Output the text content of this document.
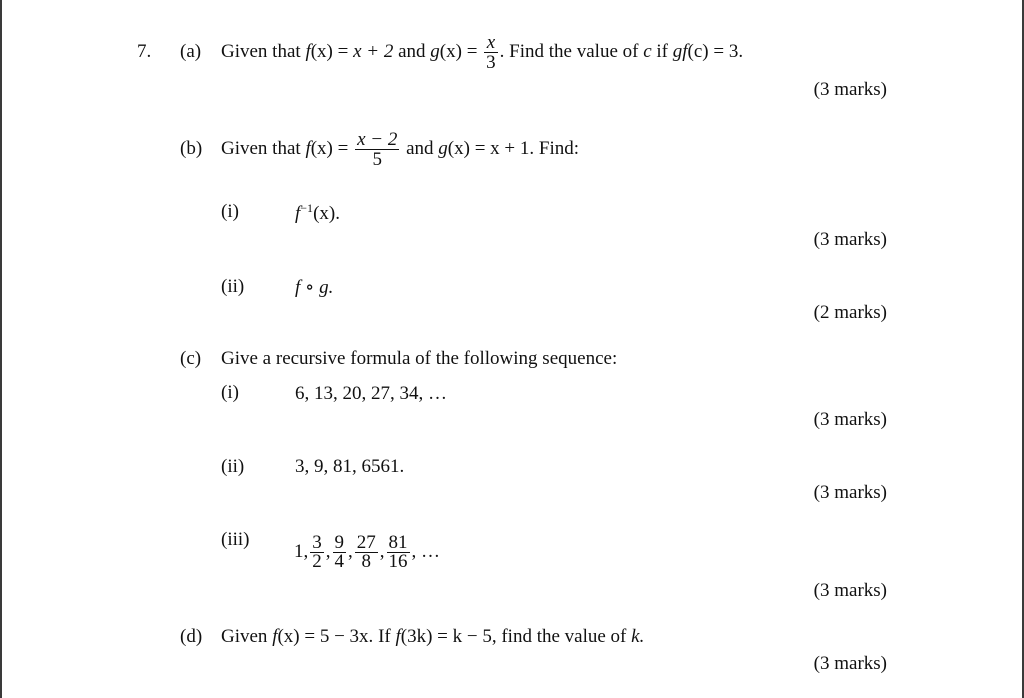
7. (a) Given that f(x) = x + 2 and $g(x) = \frac{x}{3}$ . Find the value of c if gf(c) = 3.
(3 marks)
(b) Given that $f(x) = \frac{x - 2}{5}$ and g(x) = x + 1. Find:
(i)	$f^{-1}(x)$.
(3 marks)
(ii)	f ∘ g.
(2 marks)
(c) Give a recursive formula of the following sequence:
(i)	6, 13, 20, 27, 34, …
(3 marks)
(ii)	3, 9, 81, 6561.
(3 marks)
(iii)
1, $\frac{3}{2}$ , $\frac{9}{4}$ , $\frac{27}{8}$ , $\frac{81}{16}$ , …
(3 marks)
(d) Given f(x) = 5 − 3x. If f(3k) = k − 5, find the value of k.
(3 marks)
